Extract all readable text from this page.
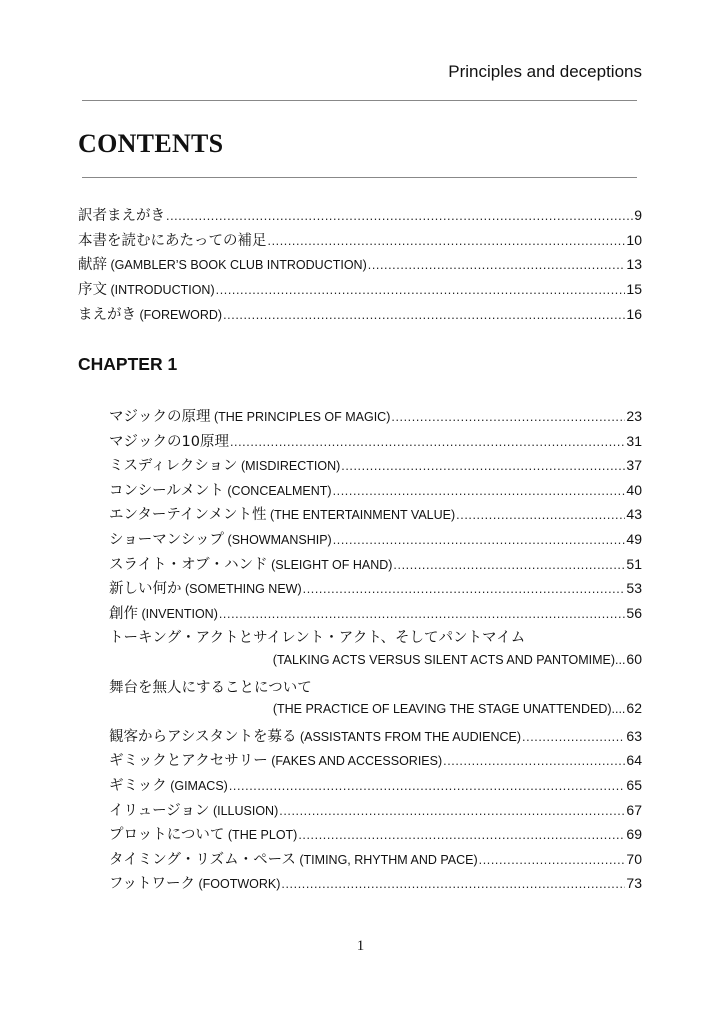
Principles and deceptions
CONTENTS
訳者まえがき .....	9
本書を読むにあたっての補足 .....	10
献辞 (GAMBLER’S BOOK CLUB INTRODUCTION) .....	13
序文 (INTRODUCTION) .....	15
まえがき (FOREWORD) .....	16
CHAPTER 1
マジックの原理 (THE PRINCIPLES OF MAGIC) .....	23
マジックの10原理 .....	31
ミスディレクション (MISDIRECTION) .....	37
コンシールメント (CONCEALMENT) .....	40
エンターテインメント性 (THE ENTERTAINMENT VALUE) .....	43
ショーマンシップ (SHOWMANSHIP) .....	49
スライト・オブ・ハンド (SLEIGHT OF HAND) .....	51
新しい何か (SOMETHING NEW) .....	53
創作 (INVENTION) .....	56
トーキング・アクトとサイレント・アクト、そしてパントマイム
(TALKING ACTS VERSUS SILENT ACTS AND PANTOMIME)... 60
舞台を無人にすることについて
(THE PRACTICE OF LEAVING THE STAGE UNATTENDED).... 62
観客からアシスタントを募る (ASSISTANTS FROM THE AUDIENCE) .....	63
ギミックとアクセサリー (FAKES AND ACCESSORIES) .....	64
ギミック (GIMACS) .....	65
イリュージョン (ILLUSION) .....	67
プロットについて (THE PLOT) .....	69
タイミング・リズム・ペース (TIMING, RHYTHM AND PACE) .....	70
フットワーク (FOOTWORK) .....	73
1
